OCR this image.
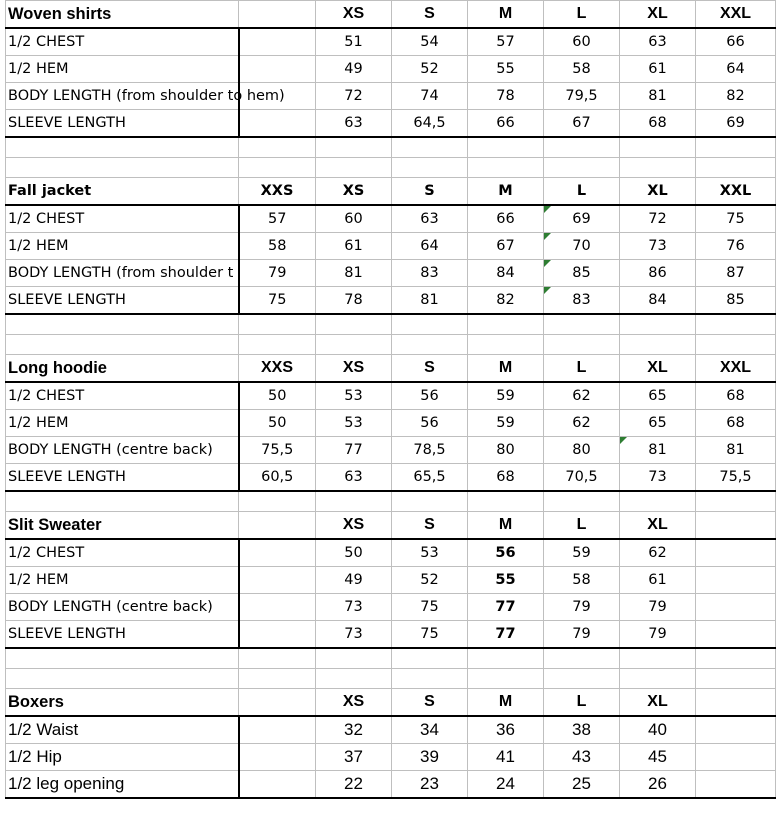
Woven shirts		XS	S	M	L	XL	XXL
1/2 CHEST		51	54	57	60	63	66
1/2 HEM		49	52	55	58	61	64
BODY LENGTH (from shoulder to hem)		72	74	78	79,5	81	82
SLEEVE LENGTH		63	64,5	66	67	68	69

Fall jacket	XXS	XS	S	M	L	XL	XXL
1/2 CHEST	57	60	63	66	69	72	75
1/2 HEM	58	61	64	67	70	73	76
BODY LENGTH (from shoulder t	79	81	83	84	85	86	87
SLEEVE LENGTH	75	78	81	82	83	84	85

Long hoodie	XXS	XS	S	M	L	XL	XXL
1/2 CHEST	50	53	56	59	62	65	68
1/2 HEM	50	53	56	59	62	65	68
BODY LENGTH (centre back)	75,5	77	78,5	80	80	81	81
SLEEVE LENGTH	60,5	63	65,5	68	70,5	73	75,5

Slit Sweater		XS	S	M	L	XL	
1/2 CHEST		50	53	56	59	62	
1/2 HEM		49	52	55	58	61	
BODY LENGTH (centre back)		73	75	77	79	79	
SLEEVE LENGTH		73	75	77	79	79	

Boxers		XS	S	M	L	XL	
1/2 Waist		32	34	36	38	40	
1/2 Hip		37	39	41	43	45	
1/2 leg opening		22	23	24	25	26	
